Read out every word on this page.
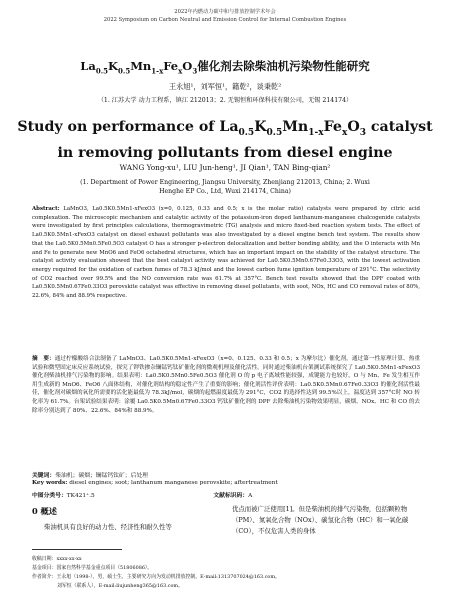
2022年内燃动力碳中和与排放控制学术年会
2022 Symposium on Carbon Neutral and Emission Control for Internal Combustion Engines
$La_{0.5}K_{0.5}Mn_{1-x}Fe_xO_3$催化剂去除柴油机污染物性能研究
王永旭¹，刘军恒¹，籍乾²，谈秉乾²
（1. 江苏大学 动力工程系，镇江 212013；2. 无锡恒和环保科技有限公司，无锡 214174）
Study on performance of $La_{0.5}K_{0.5}Mn_{1-x}Fe_xO_3$ catalyst
in removing pollutants from diesel engine
WANG Yong-xu¹, LIU Jun-heng¹, JI Qian¹, TAN Bing-qian²
(1. Department of Power Engineering, Jiangsu University, Zhenjiang 212013, China; 2. Wuxi
Henghe EP Co., Ltd, Wuxi 214174, China)
Abstract: LaMnO3, La0.5K0.5Mn1-xFexO3 (x=0, 0.125, 0.33 and 0.5; x is the molar ratio) catalysts were prepared by citric acid complexation. The microscopic mechanism and catalytic activity of the potassium-iron doped lanthanum-manganese chalcogenide catalysts were investigated by first principles calculations, thermogravimetric (TG) analysis and micro fixed-bed reaction system tests. The effect of La0.5K0.5Mn1-xFexO3 catalyst on diesel exhaust pollutants was also investigated by a diesel engine bench test system. The results show that the La0.5K0.5Mn0.5Fe0.5O3 catalyst O has a stronger p-electron delocalization and better bonding ability, and the O interacts with Mn and Fe to generate new MnO6 and FeO6 octahedral structures, which has an important impact on the stability of the catalyst structure. The catalyst activity evaluation showed that the best catalyst activity was achieved for La0.5K0.5Mn0.67Fe0.33O3, with the lowest activation energy required for the oxidation of carbon fumes of 78.3 kJ/mol and the lowest carbon fume ignition temperature of 291°C. The selectivity of CO2 reached over 99.5% and the NO conversion rate was 61.7% at 357°C. Bench test results showed that the DPF coated with La0.5K0.5Mn0.67Fe0.33O3 perovskite catalyst was effective in removing diesel pollutants, with soot, NOx, HC and CO removal rates of 80%, 22.6%, 84% and 88.9% respective.
摘　要：通过柠檬酸络合法制备了 LaMnO3、La0.5K0.5Mn1-xFexO3（x=0、0.125、0.33 和 0.5；x 为摩尔比）催化剂。通过第一性原理计算、热重试验和微型固定床反应系统试验，探究了钾铁掺杂镧锰钙钛矿催化剂的微观机理及催化活性。同时通过柴油机台架测试系统探究了 La0.5K0.5Mn1-xFexO3 催化剂柴油机排气污染物的影响。结果表明：La0.5K0.5Mn0.5Fe0.5O3 催化剂 O 的 p 电子离域性能较强，成键能力也较好，O 与 Mn、Fe 发生相互作用生成新的 MnO6、FeO6 八面体结构，对催化剂结构的稳定性产生了重要的影响；催化剂活性评价表明：La0.5K0.5Mn0.67Fe0.33O3 的催化剂活性最佳，催化剂对碳烟的氧化所需要的活化能最低为 78.3kJ/mol，碳烟的起燃温度最低为 291°C，CO2 的选择性达到 99.5%以上，温度达到 357°C时 NO 转化率为 61.7%。台架试验结果表明：涂覆 La0.5K0.5Mn0.67Fe0.33O3 钙钛矿催化剂的 DPF 去除柴油机污染物效果明显，碳烟、NOx、HC 和 CO 的去除率分别达到了 80%、22.6%、84%和 88.9%。
关键词：柴油机；碳烟；镧锰钙钛矿；后处理
Key words: diesel engines; soot; lanthanum manganese perovskite; aftertreatment
中图分类号：TK421⁺.5	文献标识码：A
0 概述
柴油机具有良好的动力性、经济性和耐久性等
优点而被广泛使用[1]。但是柴油机的排气污染物，包括颗粒物（PM）、氮氧化合物（NOx）、碳氢化合物（HC）和一氧化碳（CO），不仅危害人类的身体
收稿日期：xxxx-xx-xx
基金项目：国家自然科学基金重点项目（51806086）。
作者简介：王永旭（1998-），男，硕士生，主要研究方向为发动机排放控制。E-mail:1313707024@163.com。
刘军恒（联系人），E-mail:liujunheng365@163.com。
